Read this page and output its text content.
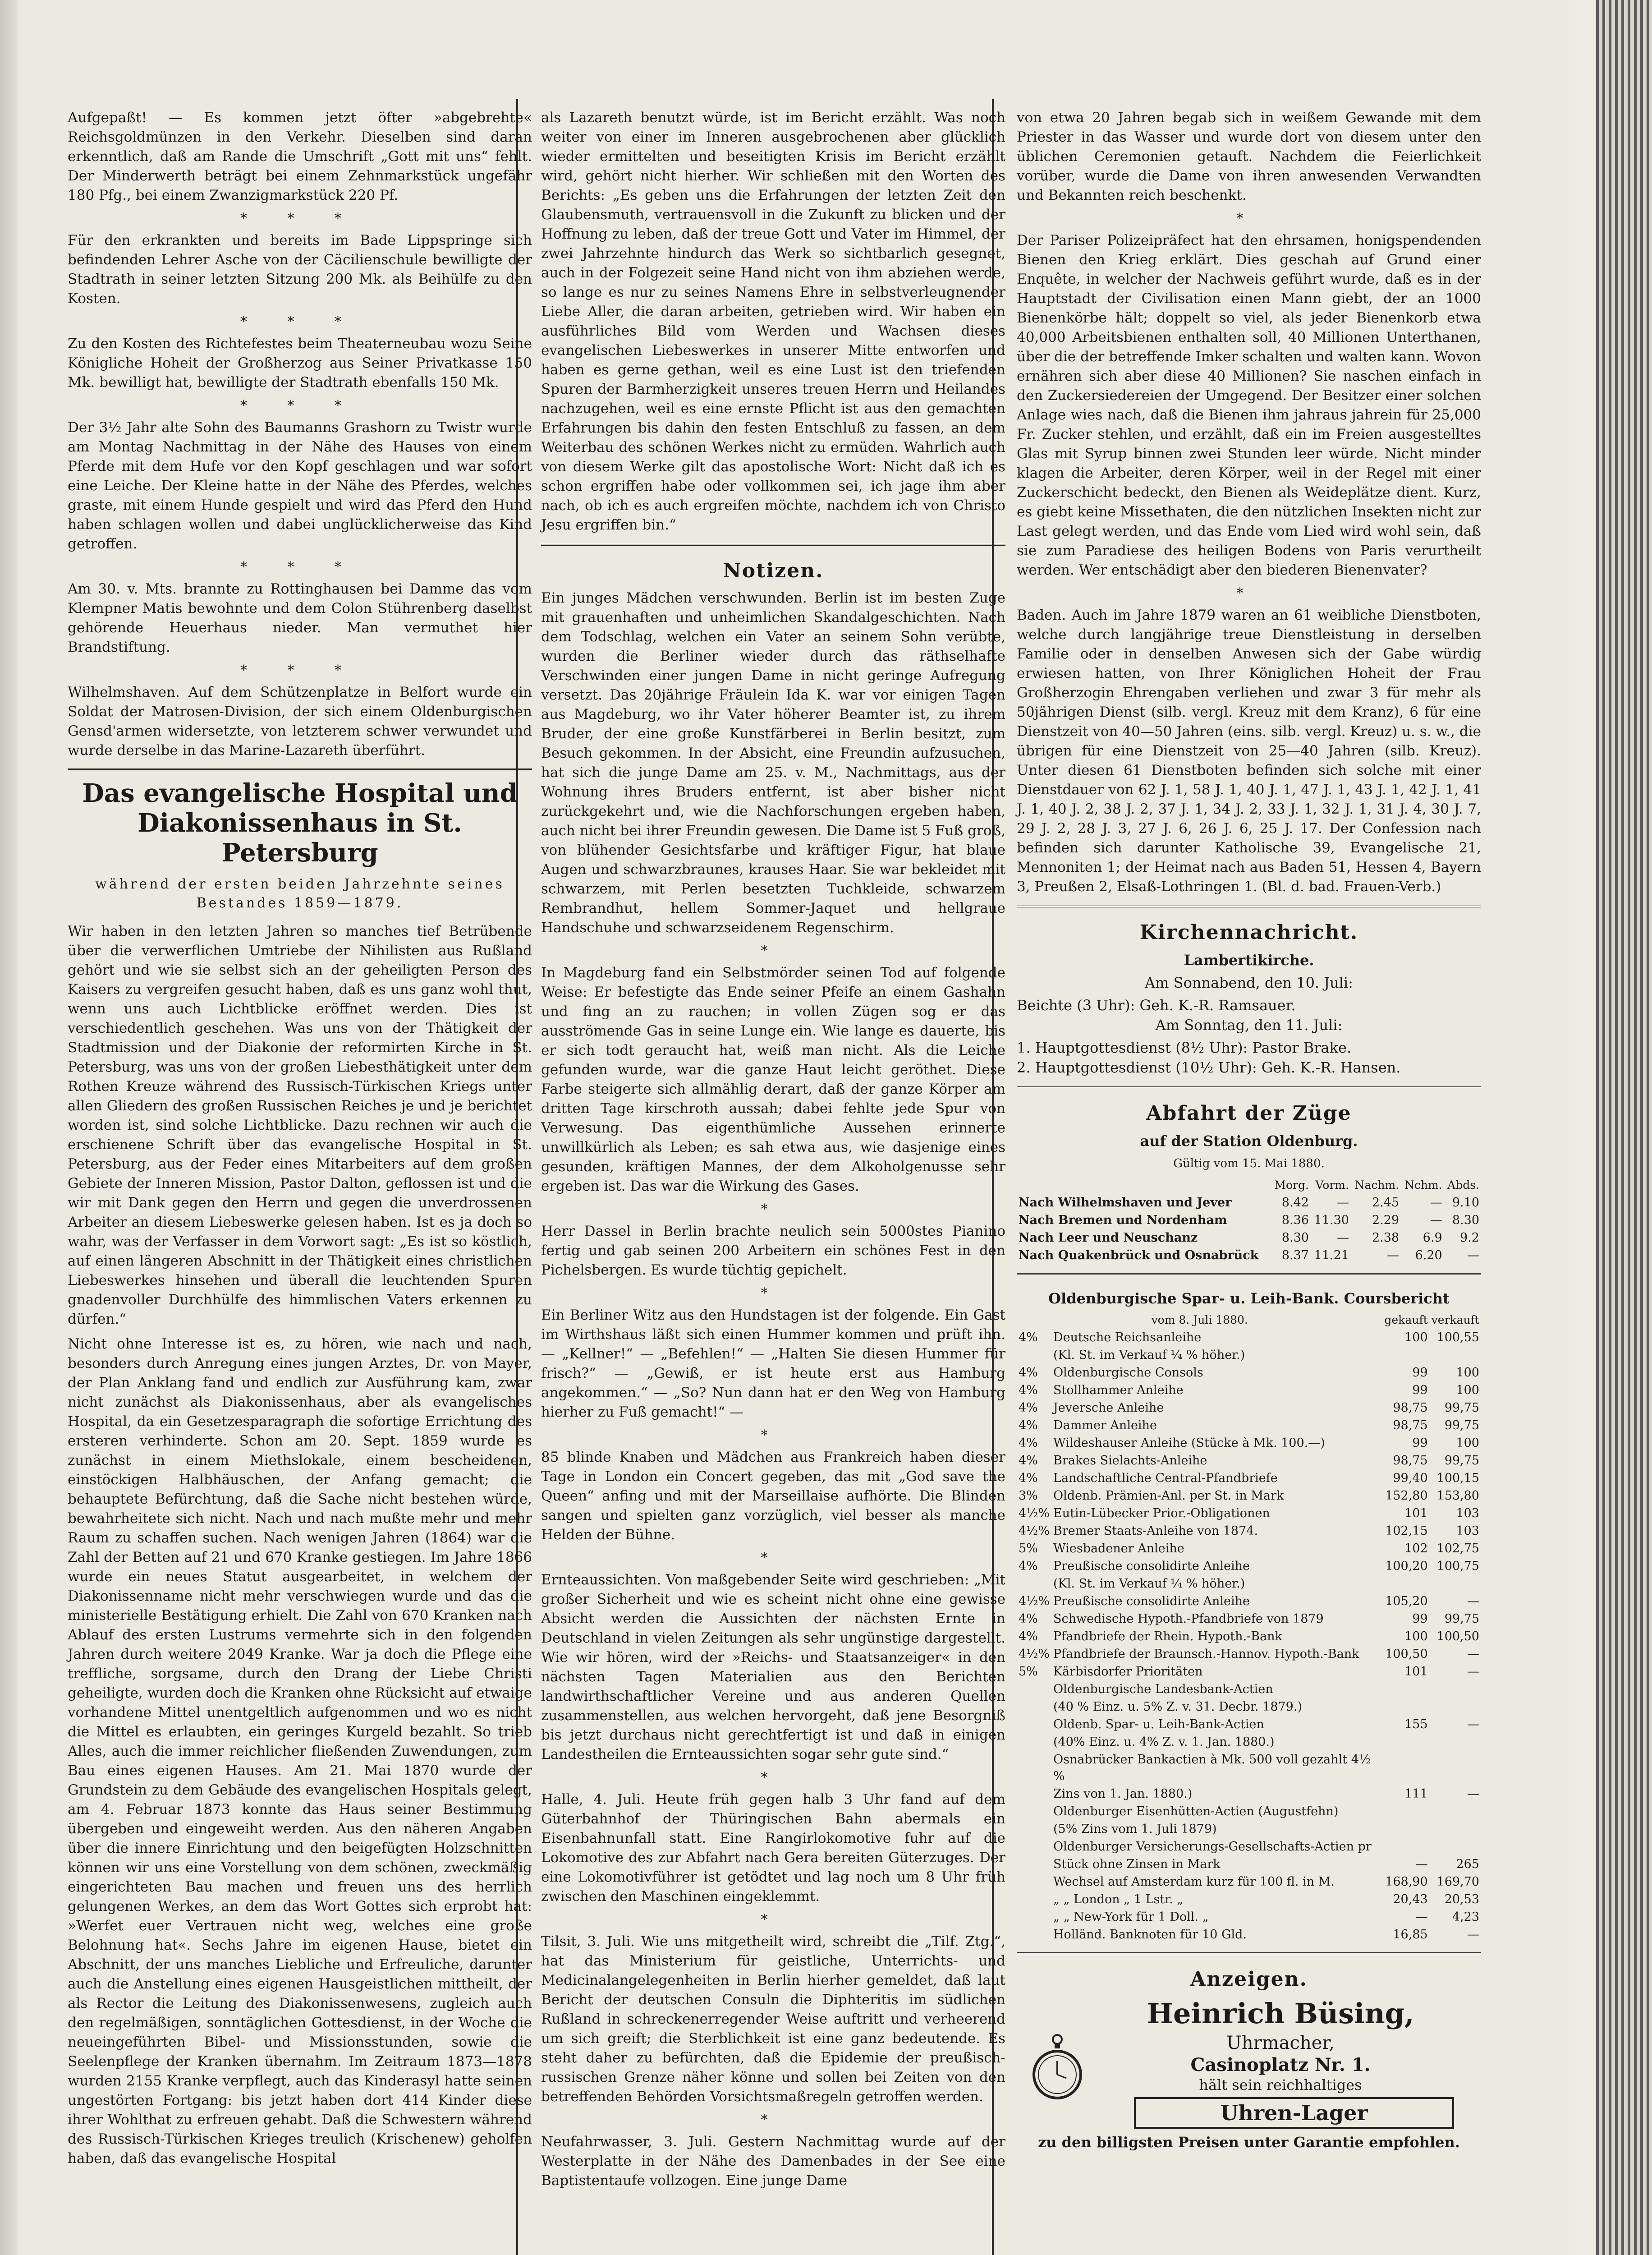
Aufgepaßt! — Es kommen jetzt öfter »abgebrehte« Reichsgoldmünzen in den Verkehr. Dieselben sind daran erkenntlich, daß am Rande die Umschrift „Gott mit uns“ fehlt. Der Minderwerth beträgt bei einem Zehnmarkstück ungefähr 180 Pfg., bei einem Zwanzigmarkstück 220 Pf.

* * *

Für den erkrankten und bereits im Bade Lippspringe sich befindenden Lehrer Asche von der Cäcilienschule bewilligte der Stadtrath in seiner letzten Sitzung 200 Mk. als Beihülfe zu den Kosten.

* * *

Zu den Kosten des Richtefestes beim Theaterneubau wozu Seine Königliche Hoheit der Großherzog aus Seiner Privatkasse 150 Mk. bewilligt hat, bewilligte der Stadtrath ebenfalls 150 Mk.

* * *

Der 3½ Jahr alte Sohn des Baumanns Grashorn zu Twistr wurde am Montag Nachmittag in der Nähe des Hauses von einem Pferde mit dem Hufe vor den Kopf geschlagen und war sofort eine Leiche. Der Kleine hatte in der Nähe des Pferdes, welches graste, mit einem Hunde gespielt und wird das Pferd den Hund haben schlagen wollen und dabei unglücklicherweise das Kind getroffen.

* * *

Am 30. v. Mts. brannte zu Rottinghausen bei Damme das vom Klempner Matis bewohnte und dem Colon Stührenberg daselbst gehörende Heuerhaus nieder. Man vermuthet hier Brandstiftung.

* * *

Wilhelmshaven. Auf dem Schützenplatze in Belfort wurde ein Soldat der Matrosen-Division, der sich einem Oldenburgischen Gensd'armen widersetzte, von letzterem schwer verwundet und wurde derselbe in das Marine-Lazareth überführt.

Das evangelische Hospital und Diakonissenhaus in St. Petersburg
während der ersten beiden Jahrzehnte seines Bestandes 1859—1879.

Wir haben in den letzten Jahren so manches tief Betrübende über die verwerflichen Umtriebe der Nihilisten aus Rußland gehört und wie sie selbst sich an der geheiligten Person des Kaisers zu vergreifen gesucht haben, daß es uns ganz wohl thut, wenn uns auch Lichtblicke eröffnet werden. Dies ist verschiedentlich geschehen. Was uns von der Thätigkeit der Stadtmission und der Diakonie der reformirten Kirche in St. Petersburg, was uns von der großen Liebesthätigkeit unter dem Rothen Kreuze während des Russisch-Türkischen Kriegs unter allen Gliedern des großen Russischen Reiches je und je berichtet worden ist, sind solche Lichtblicke. Dazu rechnen wir auch die erschienene Schrift über das evangelische Hospital in St. Petersburg, aus der Feder eines Mitarbeiters auf dem großen Gebiete der Inneren Mission, Pastor Dalton, geflossen ist und die wir mit Dank gegen den Herrn und gegen die unverdrossenen Arbeiter an diesem Liebeswerke gelesen haben. Ist es ja doch so wahr, was der Verfasser in dem Vorwort sagt: „Es ist so köstlich, auf einen längeren Abschnitt in der Thätigkeit eines christlichen Liebeswerkes hinsehen und überall die leuchtenden Spuren gnadenvoller Durchhülfe des himmlischen Vaters erkennen zu dürfen.“

Nicht ohne Interesse ist es, zu hören, wie nach und nach, besonders durch Anregung eines jungen Arztes, Dr. von Mayer, der Plan Anklang fand und endlich zur Ausführung kam, zwar nicht zunächst als Diakonissenhaus, aber als evangelisches Hospital, da ein Gesetzesparagraph die sofortige Errichtung des ersteren verhinderte. Schon am 20. Sept. 1859 wurde es zunächst in einem Miethslokale, einem bescheidenen, einstöckigen Halbhäuschen, der Anfang gemacht; die behauptete Befürchtung, daß die Sache nicht bestehen würde, bewahrheitete sich nicht. Nach und nach mußte mehr und mehr Raum zu schaffen suchen. Nach wenigen Jahren (1864) war die Zahl der Betten auf 21 und 670 Kranke gestiegen. Im Jahre 1866 wurde ein neues Statut ausgearbeitet, in welchem der Diakonissenname nicht mehr verschwiegen wurde und das die ministerielle Bestätigung erhielt. Die Zahl von 670 Kranken nach Ablauf des ersten Lustrums vermehrte sich in den folgenden Jahren durch weitere 2049 Kranke. War ja doch die Pflege eine treffliche, sorgsame, durch den Drang der Liebe Christi geheiligte, wurden doch die Kranken ohne Rücksicht auf etwaige vorhandene Mittel unentgeltlich aufgenommen und wo es nicht die Mittel es erlaubten, ein geringes Kurgeld bezahlt. So trieb Alles, auch die immer reichlicher fließenden Zuwendungen, zum Bau eines eigenen Hauses. Am 21. Mai 1870 wurde der Grundstein zu dem Gebäude des evangelischen Hospitals gelegt, am 4. Februar 1873 konnte das Haus seiner Bestimmung übergeben und eingeweiht werden. Aus den näheren Angaben über die innere Einrichtung und den beigefügten Holzschnitten können wir uns eine Vorstellung von dem schönen, zweckmäßig eingerichteten Bau machen und freuen uns des herrlich gelungenen Werkes, an dem das Wort Gottes sich erprobt hat: »Werfet euer Vertrauen nicht weg, welches eine große Belohnung hat«. Sechs Jahre im eigenen Hause, bietet ein Abschnitt, der uns manches Liebliche und Erfreuliche, darunter auch die Anstellung eines eigenen Hausgeistlichen mittheilt, der als Rector die Leitung des Diakonissenwesens, zugleich auch den regelmäßigen, sonntäglichen Gottesdienst, in der Woche die neueingeführten Bibel- und Missionsstunden, sowie die Seelenpflege der Kranken übernahm. Im Zeitraum 1873—1878 wurden 2155 Kranke verpflegt, auch das Kinderasyl hatte seinen ungestörten Fortgang: bis jetzt haben dort 414 Kinder diese ihrer Wohlthat zu erfreuen gehabt. Daß die Schwestern während des Russisch-Türkischen Krieges treulich (Krischenew) geholfen haben, daß das evangelische Hospital

als Lazareth benutzt würde, ist im Bericht erzählt. Was noch weiter von einer im Inneren ausgebrochenen aber glücklich wieder ermittelten und beseitigten Krisis im Bericht erzählt wird, gehört nicht hierher. Wir schließen mit den Worten des Berichts: „Es geben uns die Erfahrungen der letzten Zeit den Glaubensmuth, vertrauensvoll in die Zukunft zu blicken und der Hoffnung zu leben, daß der treue Gott und Vater im Himmel, der zwei Jahrzehnte hindurch das Werk so sichtbarlich gesegnet, auch in der Folgezeit seine Hand nicht von ihm abziehen werde, so lange es nur zu seines Namens Ehre in selbstverleugnender Liebe Aller, die daran arbeiten, getrieben wird. Wir haben ein ausführliches Bild vom Werden und Wachsen dieses evangelischen Liebeswerkes in unserer Mitte entworfen und haben es gerne gethan, weil es eine Lust ist den triefenden Spuren der Barmherzigkeit unseres treuen Herrn und Heilandes nachzugehen, weil es eine ernste Pflicht ist aus den gemachten Erfahrungen bis dahin den festen Entschluß zu fassen, an dem Weiterbau des schönen Werkes nicht zu ermüden. Wahrlich auch von diesem Werke gilt das apostolische Wort: Nicht daß ich es schon ergriffen habe oder vollkommen sei, ich jage ihm aber nach, ob ich es auch ergreifen möchte, nachdem ich von Christo Jesu ergriffen bin.“

Notizen.

Ein junges Mädchen verschwunden. Berlin ist im besten Zuge mit grauenhaften und unheimlichen Skandalgeschichten. Nach dem Todschlag, welchen ein Vater an seinem Sohn verübte, wurden die Berliner wieder durch das räthselhafte Verschwinden einer jungen Dame in nicht geringe Aufregung versetzt. Das 20jährige Fräulein Ida K. war vor einigen Tagen aus Magdeburg, wo ihr Vater höherer Beamter ist, zu ihrem Bruder, der eine große Kunstfärberei in Berlin besitzt, zum Besuch gekommen. In der Absicht, eine Freundin aufzusuchen, hat sich die junge Dame am 25. v. M., Nachmittags, aus der Wohnung ihres Bruders entfernt, ist aber bisher nicht zurückgekehrt und, wie die Nachforschungen ergeben haben, auch nicht bei ihrer Freundin gewesen. Die Dame ist 5 Fuß groß, von blühender Gesichtsfarbe und kräftiger Figur, hat blaue Augen und schwarzbraunes, krauses Haar. Sie war bekleidet mit schwarzem, mit Perlen besetzten Tuchkleide, schwarzem Rembrandhut, hellem Sommer-Jaquet und hellgraue Handschuhe und schwarzseidenem Regenschirm.

*

In Magdeburg fand ein Selbstmörder seinen Tod auf folgende Weise: Er befestigte das Ende seiner Pfeife an einem Gashahn und fing an zu rauchen; in vollen Zügen sog er das ausströmende Gas in seine Lunge ein. Wie lange es dauerte, bis er sich todt geraucht hat, weiß man nicht. Als die Leiche gefunden wurde, war die ganze Haut leicht geröthet. Diese Farbe steigerte sich allmählig derart, daß der ganze Körper am dritten Tage kirschroth aussah; dabei fehlte jede Spur von Verwesung. Das eigenthümliche Aussehen erinnerte unwillkürlich als Leben; es sah etwa aus, wie dasjenige eines gesunden, kräftigen Mannes, der dem Alkoholgenusse sehr ergeben ist. Das war die Wirkung des Gases.

*

Herr Dassel in Berlin brachte neulich sein 5000stes Pianino fertig und gab seinen 200 Arbeitern ein schönes Fest in den Pichelsbergen. Es wurde tüchtig gepichelt.

*

Ein Berliner Witz aus den Hundstagen ist der folgende. Ein Gast im Wirthshaus läßt sich einen Hummer kommen und prüft ihn. — „Kellner!“ — „Befehlen!“ — „Halten Sie diesen Hummer für frisch?“ — „Gewiß, er ist heute erst aus Hamburg angekommen.“ — „So? Nun dann hat er den Weg von Hamburg hierher zu Fuß gemacht!“ —

*

85 blinde Knaben und Mädchen aus Frankreich haben dieser Tage in London ein Concert gegeben, das mit „God save the Queen“ anfing und mit der Marseillaise aufhörte. Die Blinden sangen und spielten ganz vorzüglich, viel besser als manche Helden der Bühne.

*

Ernteaussichten. Von maßgebender Seite wird geschrieben: „Mit großer Sicherheit und wie es scheint nicht ohne eine gewisse Absicht werden die Aussichten der nächsten Ernte in Deutschland in vielen Zeitungen als sehr ungünstige dargestellt. Wie wir hören, wird der »Reichs- und Staatsanzeiger« in den nächsten Tagen Materialien aus den Berichten landwirthschaftlicher Vereine und aus anderen Quellen zusammenstellen, aus welchen hervorgeht, daß jene Besorgniß bis jetzt durchaus nicht gerechtfertigt ist und daß in einigen Landestheilen die Ernteaussichten sogar sehr gute sind.“

*

Halle, 4. Juli. Heute früh gegen halb 3 Uhr fand auf dem Güterbahnhof der Thüringischen Bahn abermals ein Eisenbahnunfall statt. Eine Rangirlokomotive fuhr auf die Lokomotive des zur Abfahrt nach Gera bereiten Güterzuges. Der eine Lokomotivführer ist getödtet und lag noch um 8 Uhr früh zwischen den Maschinen eingeklemmt.

*

Tilsit, 3. Juli. Wie uns mitgetheilt wird, schreibt die „Tilf. Ztg.“, hat das Ministerium für geistliche, Unterrichts- und Medicinalangelegenheiten in Berlin hierher gemeldet, daß laut Bericht der deutschen Consuln die Diphteritis im südlichen Rußland in schreckenerregender Weise auftritt und verheerend um sich greift; die Sterblichkeit ist eine ganz bedeutende. Es steht daher zu befürchten, daß die Epidemie der preußisch-russischen Grenze näher könne und sollen bei Zeiten von den betreffenden Behörden Vorsichtsmaßregeln getroffen werden.

*

Neufahrwasser, 3. Juli. Gestern Nachmittag wurde auf der Westerplatte in der Nähe des Damenbades in der See eine Baptistentaufe vollzogen. Eine junge Dame

von etwa 20 Jahren begab sich in weißem Gewande mit dem Priester in das Wasser und wurde dort von diesem unter den üblichen Ceremonien getauft. Nachdem die Feierlichkeit vorüber, wurde die Dame von ihren anwesenden Verwandten und Bekannten reich beschenkt.

*

Der Pariser Polizeipräfect hat den ehrsamen, honigspendenden Bienen den Krieg erklärt. Dies geschah auf Grund einer Enquête, in welcher der Nachweis geführt wurde, daß es in der Hauptstadt der Civilisation einen Mann giebt, der an 1000 Bienenkörbe hält; doppelt so viel, als jeder Bienenkorb etwa 40,000 Arbeitsbienen enthalten soll, 40 Millionen Unterthanen, über die der betreffende Imker schalten und walten kann. Wovon ernähren sich aber diese 40 Millionen? Sie naschen einfach in den Zuckersiedereien der Umgegend. Der Besitzer einer solchen Anlage wies nach, daß die Bienen ihm jahraus jahrein für 25,000 Fr. Zucker stehlen, und erzählt, daß ein im Freien ausgestelltes Glas mit Syrup binnen zwei Stunden leer würde. Nicht minder klagen die Arbeiter, deren Körper, weil in der Regel mit einer Zuckerschicht bedeckt, den Bienen als Weideplätze dient. Kurz, es giebt keine Missethaten, die den nützlichen Insekten nicht zur Last gelegt werden, und das Ende vom Lied wird wohl sein, daß sie zum Paradiese des heiligen Bodens von Paris verurtheilt werden. Wer entschädigt aber den biederen Bienenvater?

*

Baden. Auch im Jahre 1879 waren an 61 weibliche Dienstboten, welche durch langjährige treue Dienstleistung in derselben Familie oder in denselben Anwesen sich der Gabe würdig erwiesen hatten, von Ihrer Königlichen Hoheit der Frau Großherzogin Ehrengaben verliehen und zwar 3 für mehr als 50jährigen Dienst (silb. vergl. Kreuz mit dem Kranz), 6 für eine Dienstzeit von 40—50 Jahren (eins. silb. vergl. Kreuz) u. s. w., die übrigen für eine Dienstzeit von 25—40 Jahren (silb. Kreuz). Unter diesen 61 Dienstboten befinden sich solche mit einer Dienstdauer von 62 J. 1, 58 J. 1, 40 J. 1, 47 J. 1, 43 J. 1, 42 J. 1, 41 J. 1, 40 J. 2, 38 J. 2, 37 J. 1, 34 J. 2, 33 J. 1, 32 J. 1, 31 J. 4, 30 J. 7, 29 J. 2, 28 J. 3, 27 J. 6, 26 J. 6, 25 J. 17. Der Confession nach befinden sich darunter Katholische 39, Evangelische 21, Mennoniten 1; der Heimat nach aus Baden 51, Hessen 4, Bayern 3, Preußen 2, Elsaß-Lothringen 1. (Bl. d. bad. Frauen-Verb.)

Kirchennachricht.
Lambertikirche.
Am Sonnabend, den 10. Juli:
Beichte (3 Uhr): Geh. K.-R. Ramsauer.
Am Sonntag, den 11. Juli:
1. Hauptgottesdienst (8½ Uhr): Pastor Brake.
2. Hauptgottesdienst (10½ Uhr): Geh. K.-R. Hansen.
Abfahrt der Züge
auf der Station Oldenburg.
Gültig vom 15. Mai 1880.
	Morg.	Vorm.	Nachm.	Nchm.	Abds.
Nach Wilhelmshaven und Jever	8.42	—	2.45	—	9.10
Nach Bremen und Nordenham	8.36	11.30	2.29	—	8.30
Nach Leer und Neuschanz	8.30	—	2.38	6.9	9.2
Nach Quakenbrück und Osnabrück	8.37	11.21	—	6.20	—
Oldenburgische Spar- u. Leih-Bank. Coursbericht
vom 8. Juli 1880.		gekauft	verkauft
4%	Deutsche Reichsanleihe	100	100,55
	(Kl. St. im Verkauf ¼ % höher.)		
4%	Oldenburgische Consols	99	100
4%	Stollhammer Anleihe	99	100
4%	Jeversche Anleihe	98,75	99,75
4%	Dammer Anleihe	98,75	99,75
4%	Wildeshauser Anleihe (Stücke à Mk. 100.—)	99	100
4%	Brakes Sielachts-Anleihe	98,75	99,75
4%	Landschaftliche Central-Pfandbriefe	99,40	100,15
3%	Oldenb. Prämien-Anl. per St. in Mark	152,80	153,80
4½%	Eutin-Lübecker Prior.-Obligationen	101	103
4½%	Bremer Staats-Anleihe von 1874.	102,15	103
5%	Wiesbadener Anleihe	102	102,75
4%	Preußische consolidirte Anleihe	100,20	100,75
	(Kl. St. im Verkauf ¼ % höher.)		
4½%	Preußische consolidirte Anleihe	105,20	—
4%	Schwedische Hypoth.-Pfandbriefe von 1879	99	99,75
4%	Pfandbriefe der Rhein. Hypoth.-Bank	100	100,50
4½%	Pfandbriefe der Braunsch.-Hannov. Hypoth.-Bank	100,50	—
5%	Kärbisdorfer Prioritäten	101	—
	Oldenburgische Landesbank-Actien		
	(40 % Einz. u. 5% Z. v. 31. Decbr. 1879.)		
	Oldenb. Spar- u. Leih-Bank-Actien	155	—
	(40% Einz. u. 4% Z. v. 1. Jan. 1880.)		
	Osnabrücker Bankactien à Mk. 500 voll gezahlt 4½ %		
	Zins von 1. Jan. 1880.)	111	—
	Oldenburger Eisenhütten-Actien (Augustfehn)		
	(5% Zins vom 1. Juli 1879)		
	Oldenburger Versicherungs-Gesellschafts-Actien pr		
	Stück ohne Zinsen in Mark	—	265
	Wechsel auf Amsterdam kurz für 100 fl. in M.	168,90	169,70
	„ „ London „ 1 Lstr. „	20,43	20,53
	„ „ New-York für 1 Doll. „	—	4,23
	Holländ. Banknoten für 10 Gld.	16,85	—
Anzeigen.
Heinrich Büsing,
Uhrmacher,
Casinoplatz Nr. 1.
hält sein reichhaltiges
Uhren-Lager
zu den billigsten Preisen unter Garantie empfohlen.
